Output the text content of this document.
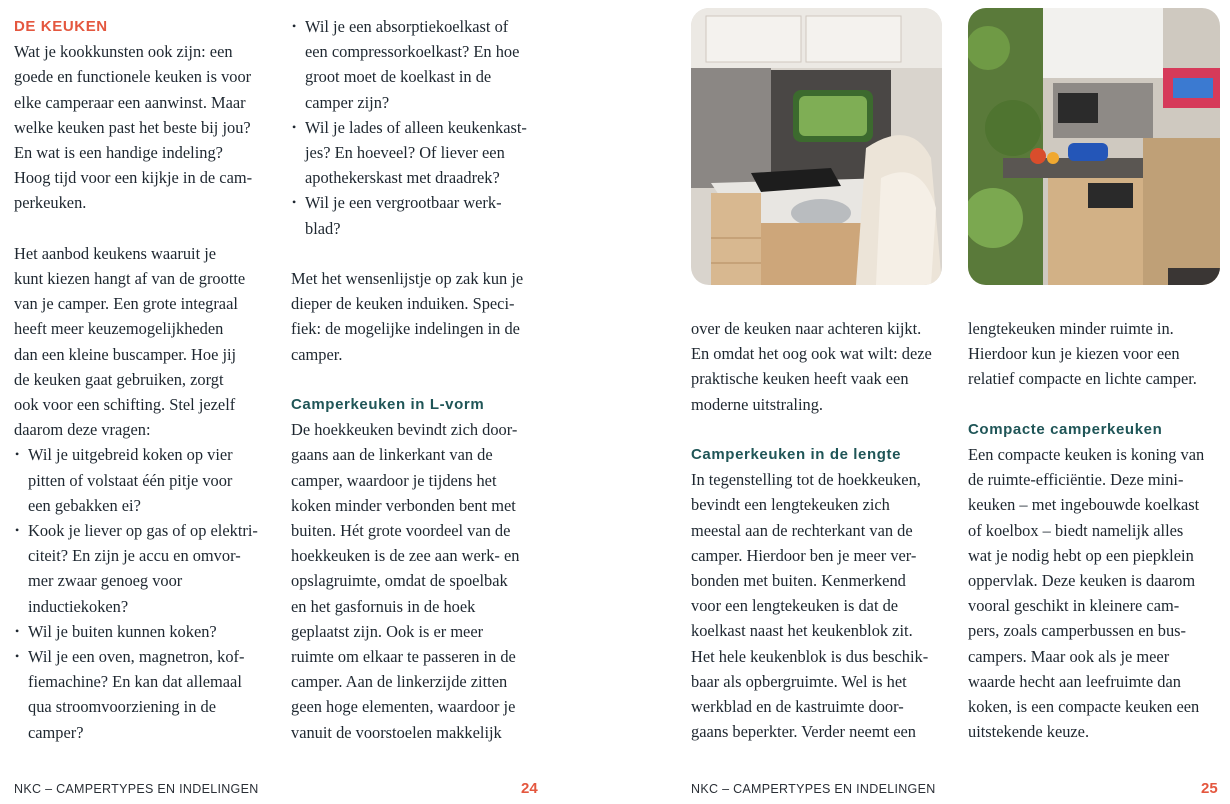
DE KEUKEN

Wat je kookkunsten ook zijn: een

goede en functionele keuken is voor

elke camperaar een aanwinst. Maar

welke keuken past het beste bij jou?

En wat is een handige indeling?

Hoog tijd voor een kijkje in de cam-

perkeuken.

Het aanbod keukens waaruit je

kunt kiezen hangt af van de grootte

van je camper. Een grote integraal

heeft meer keuzemogelijkheden

dan een kleine buscamper. Hoe jij

de keuken gaat gebruiken, zorgt

ook voor een schifting. Stel jezelf

daarom deze vragen:

• Wil je uitgebreid koken op vier
pitten of volstaat één pitje voor
een gebakken ei?
• Kook je liever op gas of op elektri-
citeit? En zijn je accu en omvor-
mer zwaar genoeg voor
inductiekoken?
• Wil je buiten kunnen koken?
• Wil je een oven, magnetron, kof-
fiemachine? En kan dat allemaal
qua stroomvoorziening in de
camper?
• Wil je een absorptiekoelkast of
een compressorkoelkast? En hoe
groot moet de koelkast in de
camper zijn?
• Wil je lades of alleen keukenkast-
jes? En hoeveel? Of liever een
apothekerskast met draadrek?
• Wil je een vergrootbaar werk-
blad?

Met het wensenlijstje op zak kun je

dieper de keuken induiken. Speci-

fiek: de mogelijke indelingen in de

camper.

Camperkeuken in L-vorm

De hoekkeuken bevindt zich door-

gaans aan de linkerkant van de

camper, waardoor je tijdens het

koken minder verbonden bent met

buiten. Hét grote voordeel van de

hoekkeuken is de zee aan werk- en

opslagruimte, omdat de spoelbak

en het gasfornuis in de hoek

geplaatst zijn. Ook is er meer

ruimte om elkaar te passeren in de

camper. Aan de linkerzijde zitten

geen hoge elementen, waardoor je

vanuit de voorstoelen makkelijk

over de keuken naar achteren kijkt.

En omdat het oog ook wat wilt: deze

praktische keuken heeft vaak een

moderne uitstraling.

Camperkeuken in de lengte

In tegenstelling tot de hoekkeuken,

bevindt een lengtekeuken zich

meestal aan de rechterkant van de

camper. Hierdoor ben je meer ver-

bonden met buiten. Kenmerkend

voor een lengtekeuken is dat de

koelkast naast het keukenblok zit.

Het hele keukenblok is dus beschik-

baar als opbergruimte. Wel is het

werkblad en de kastruimte door-

gaans beperkter. Verder neemt een

lengtekeuken minder ruimte in.

Hierdoor kun je kiezen voor een

relatief compacte en lichte camper.

Compacte camperkeuken

Een compacte keuken is koning van

de ruimte-efficiëntie. Deze mini-

keuken – met ingebouwde koelkast

of koelbox – biedt namelijk alles

wat je nodig hebt op een piepklein

oppervlak. Deze keuken is daarom

vooral geschikt in kleinere cam-

pers, zoals camperbussen en bus-

campers. Maar ook als je meer

waarde hecht aan leefruimte dan

koken, is een compacte keuken een

uitstekende keuze.

NKC – CAMPERTYPES EN INDELINGEN	24	NKC – CAMPERTYPES EN INDELINGEN	25
